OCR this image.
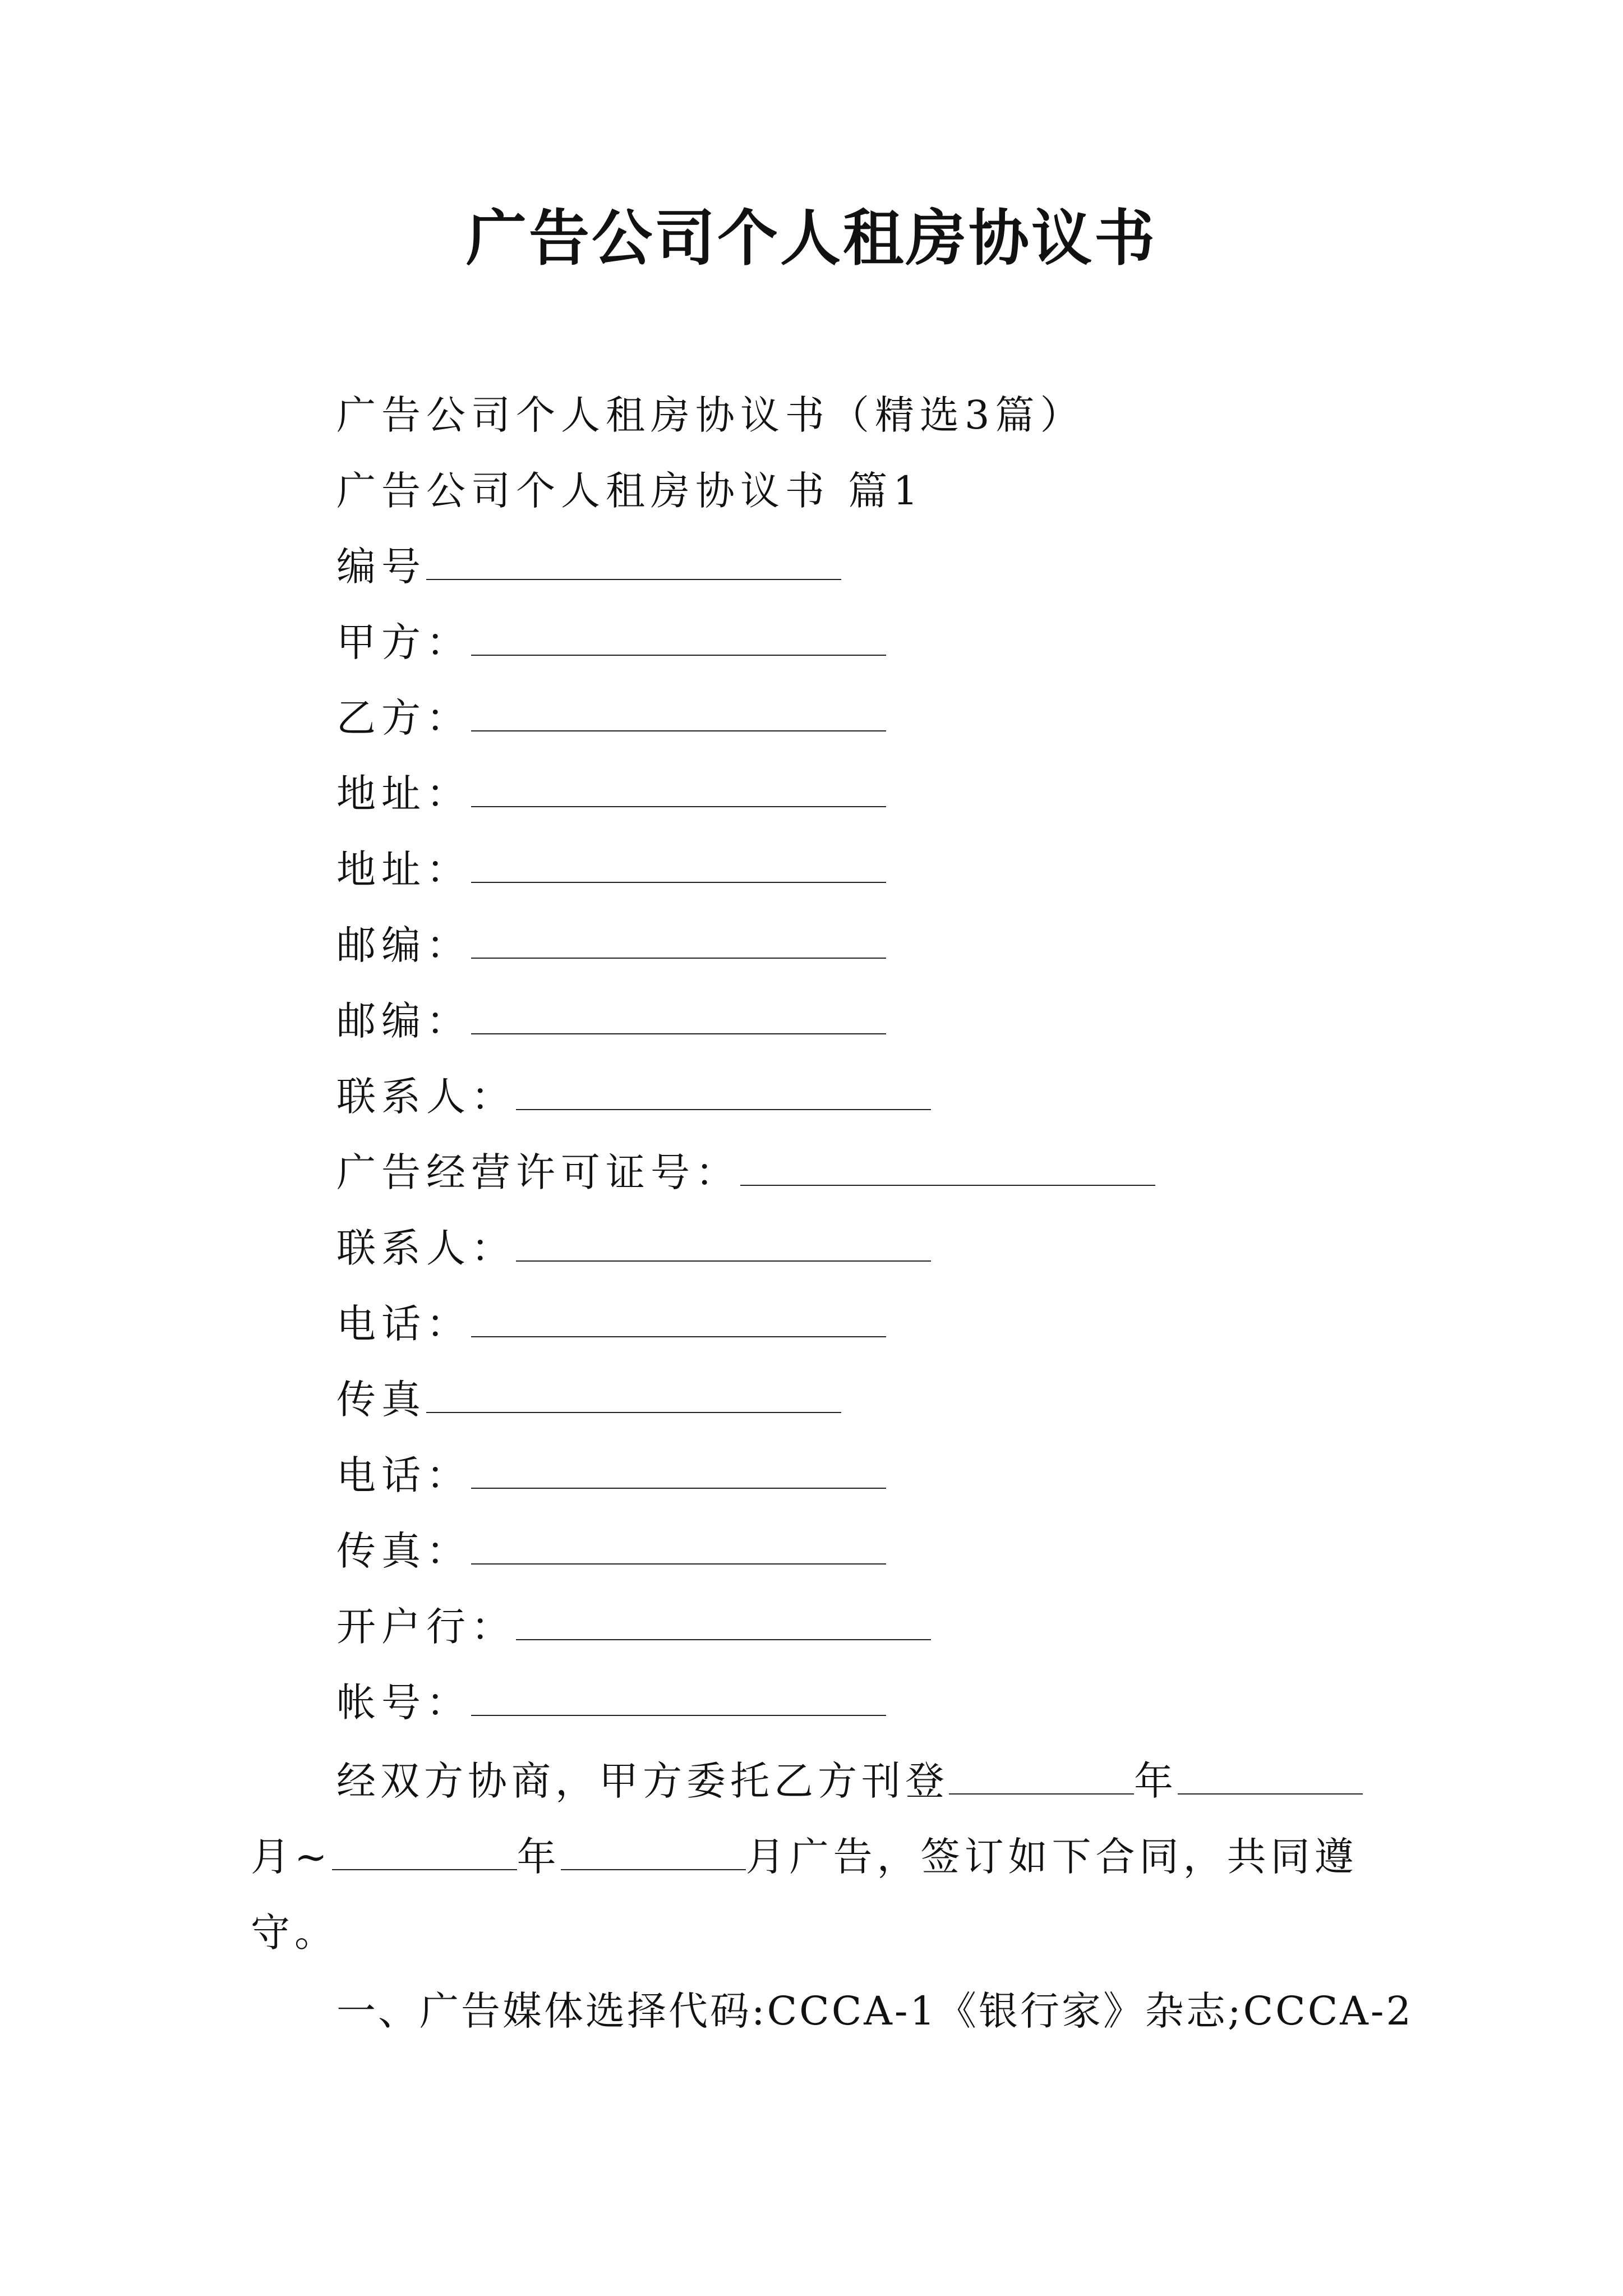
广告公司个人租房协议书
广告公司个人租房协议书（精选3篇）
广告公司个人租房协议书 篇1
编号
甲方：
乙方：
地址：
地址：
邮编：
邮编：
联系人：
广告经营许可证号：
联系人：
电话：
传真
电话：
传真：
开户行：
帐号：
经双方协商，甲方委托乙方刊登	年
月~	年	月广告，签订如下合同，共同遵
守。
一、广告媒体选择代码:CCCA-1《银行家》杂志;CCCA-2
